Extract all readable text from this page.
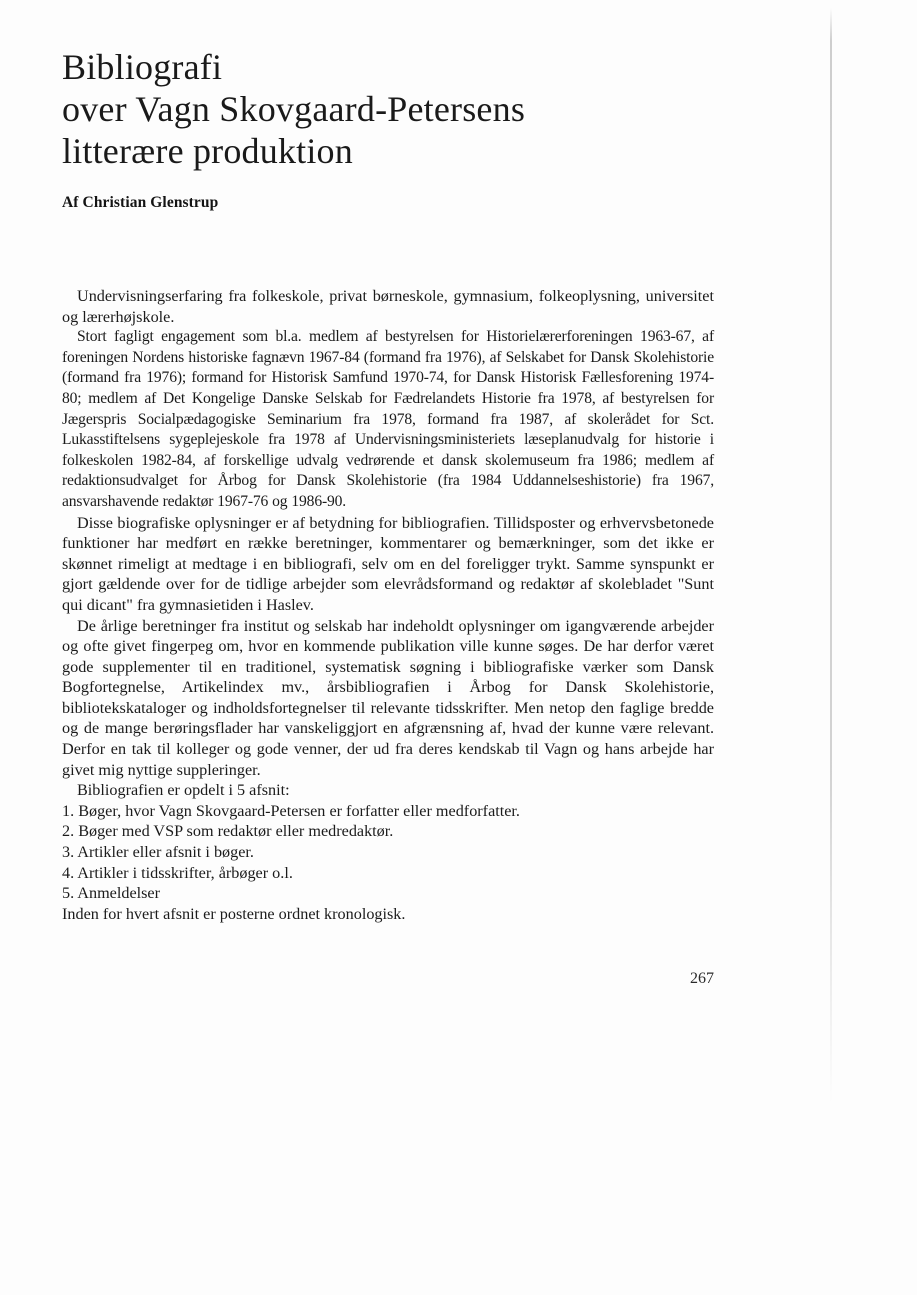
Bibliografi
over Vagn Skovgaard-Petersens
litterære produktion

Af Christian Glenstrup

Undervisningserfaring fra folkeskole, privat børneskole, gymnasium, folkeoplysning, universitet og lærerhøjskole.

Stort fagligt engagement som bl.a. medlem af bestyrelsen for Historielærerforeningen 1963-67, af foreningen Nordens historiske fagnævn 1967-84 (formand fra 1976), af Selskabet for Dansk Skolehistorie (formand fra 1976); formand for Historisk Samfund 1970-74, for Dansk Historisk Fællesforening 1974-80; medlem af Det Kongelige Danske Selskab for Fædrelandets Historie fra 1978, af bestyrelsen for Jægerspris Socialpædagogiske Seminarium fra 1978, formand fra 1987, af skolerådet for Sct. Lukasstiftelsens sygeplejeskole fra 1978 af Undervisningsministeriets læseplanudvalg for historie i folkeskolen 1982-84, af forskellige udvalg vedrørende et dansk skolemuseum fra 1986; medlem af redaktionsudvalget for Årbog for Dansk Skolehistorie (fra 1984 Uddannelseshistorie) fra 1967, ansvarshavende redaktør 1967-76 og 1986-90.

Disse biografiske oplysninger er af betydning for bibliografien. Tillidsposter og erhvervsbetonede funktioner har medført en række beretninger, kommentarer og bemærkninger, som det ikke er skønnet rimeligt at medtage i en bibliografi, selv om en del foreligger trykt. Samme synspunkt er gjort gældende over for de tidlige arbejder som elevrådsformand og redaktør af skolebladet "Sunt qui dicant" fra gymnasietiden i Haslev.

De årlige beretninger fra institut og selskab har indeholdt oplysninger om igangværende arbejder og ofte givet fingerpeg om, hvor en kommende publikation ville kunne søges. De har derfor været gode supplementer til en traditionel, systematisk søgning i bibliografiske værker som Dansk Bogfortegnelse, Artikelindex mv., årsbibliografien i Årbog for Dansk Skolehistorie, bibliotekskataloger og indholdsfortegnelser til relevante tidsskrifter. Men netop den faglige bredde og de mange berøringsflader har vanskeliggjort en afgrænsning af, hvad der kunne være relevant. Derfor en tak til kolleger og gode venner, der ud fra deres kendskab til Vagn og hans arbejde har givet mig nyttige suppleringer.

Bibliografien er opdelt i 5 afsnit:

1. Bøger, hvor Vagn Skovgaard-Petersen er forfatter eller medforfatter.
2. Bøger med VSP som redaktør eller medredaktør.
3. Artikler eller afsnit i bøger.
4. Artikler i tidsskrifter, årbøger o.l.
5. Anmeldelser

Inden for hvert afsnit er posterne ordnet kronologisk.

267
